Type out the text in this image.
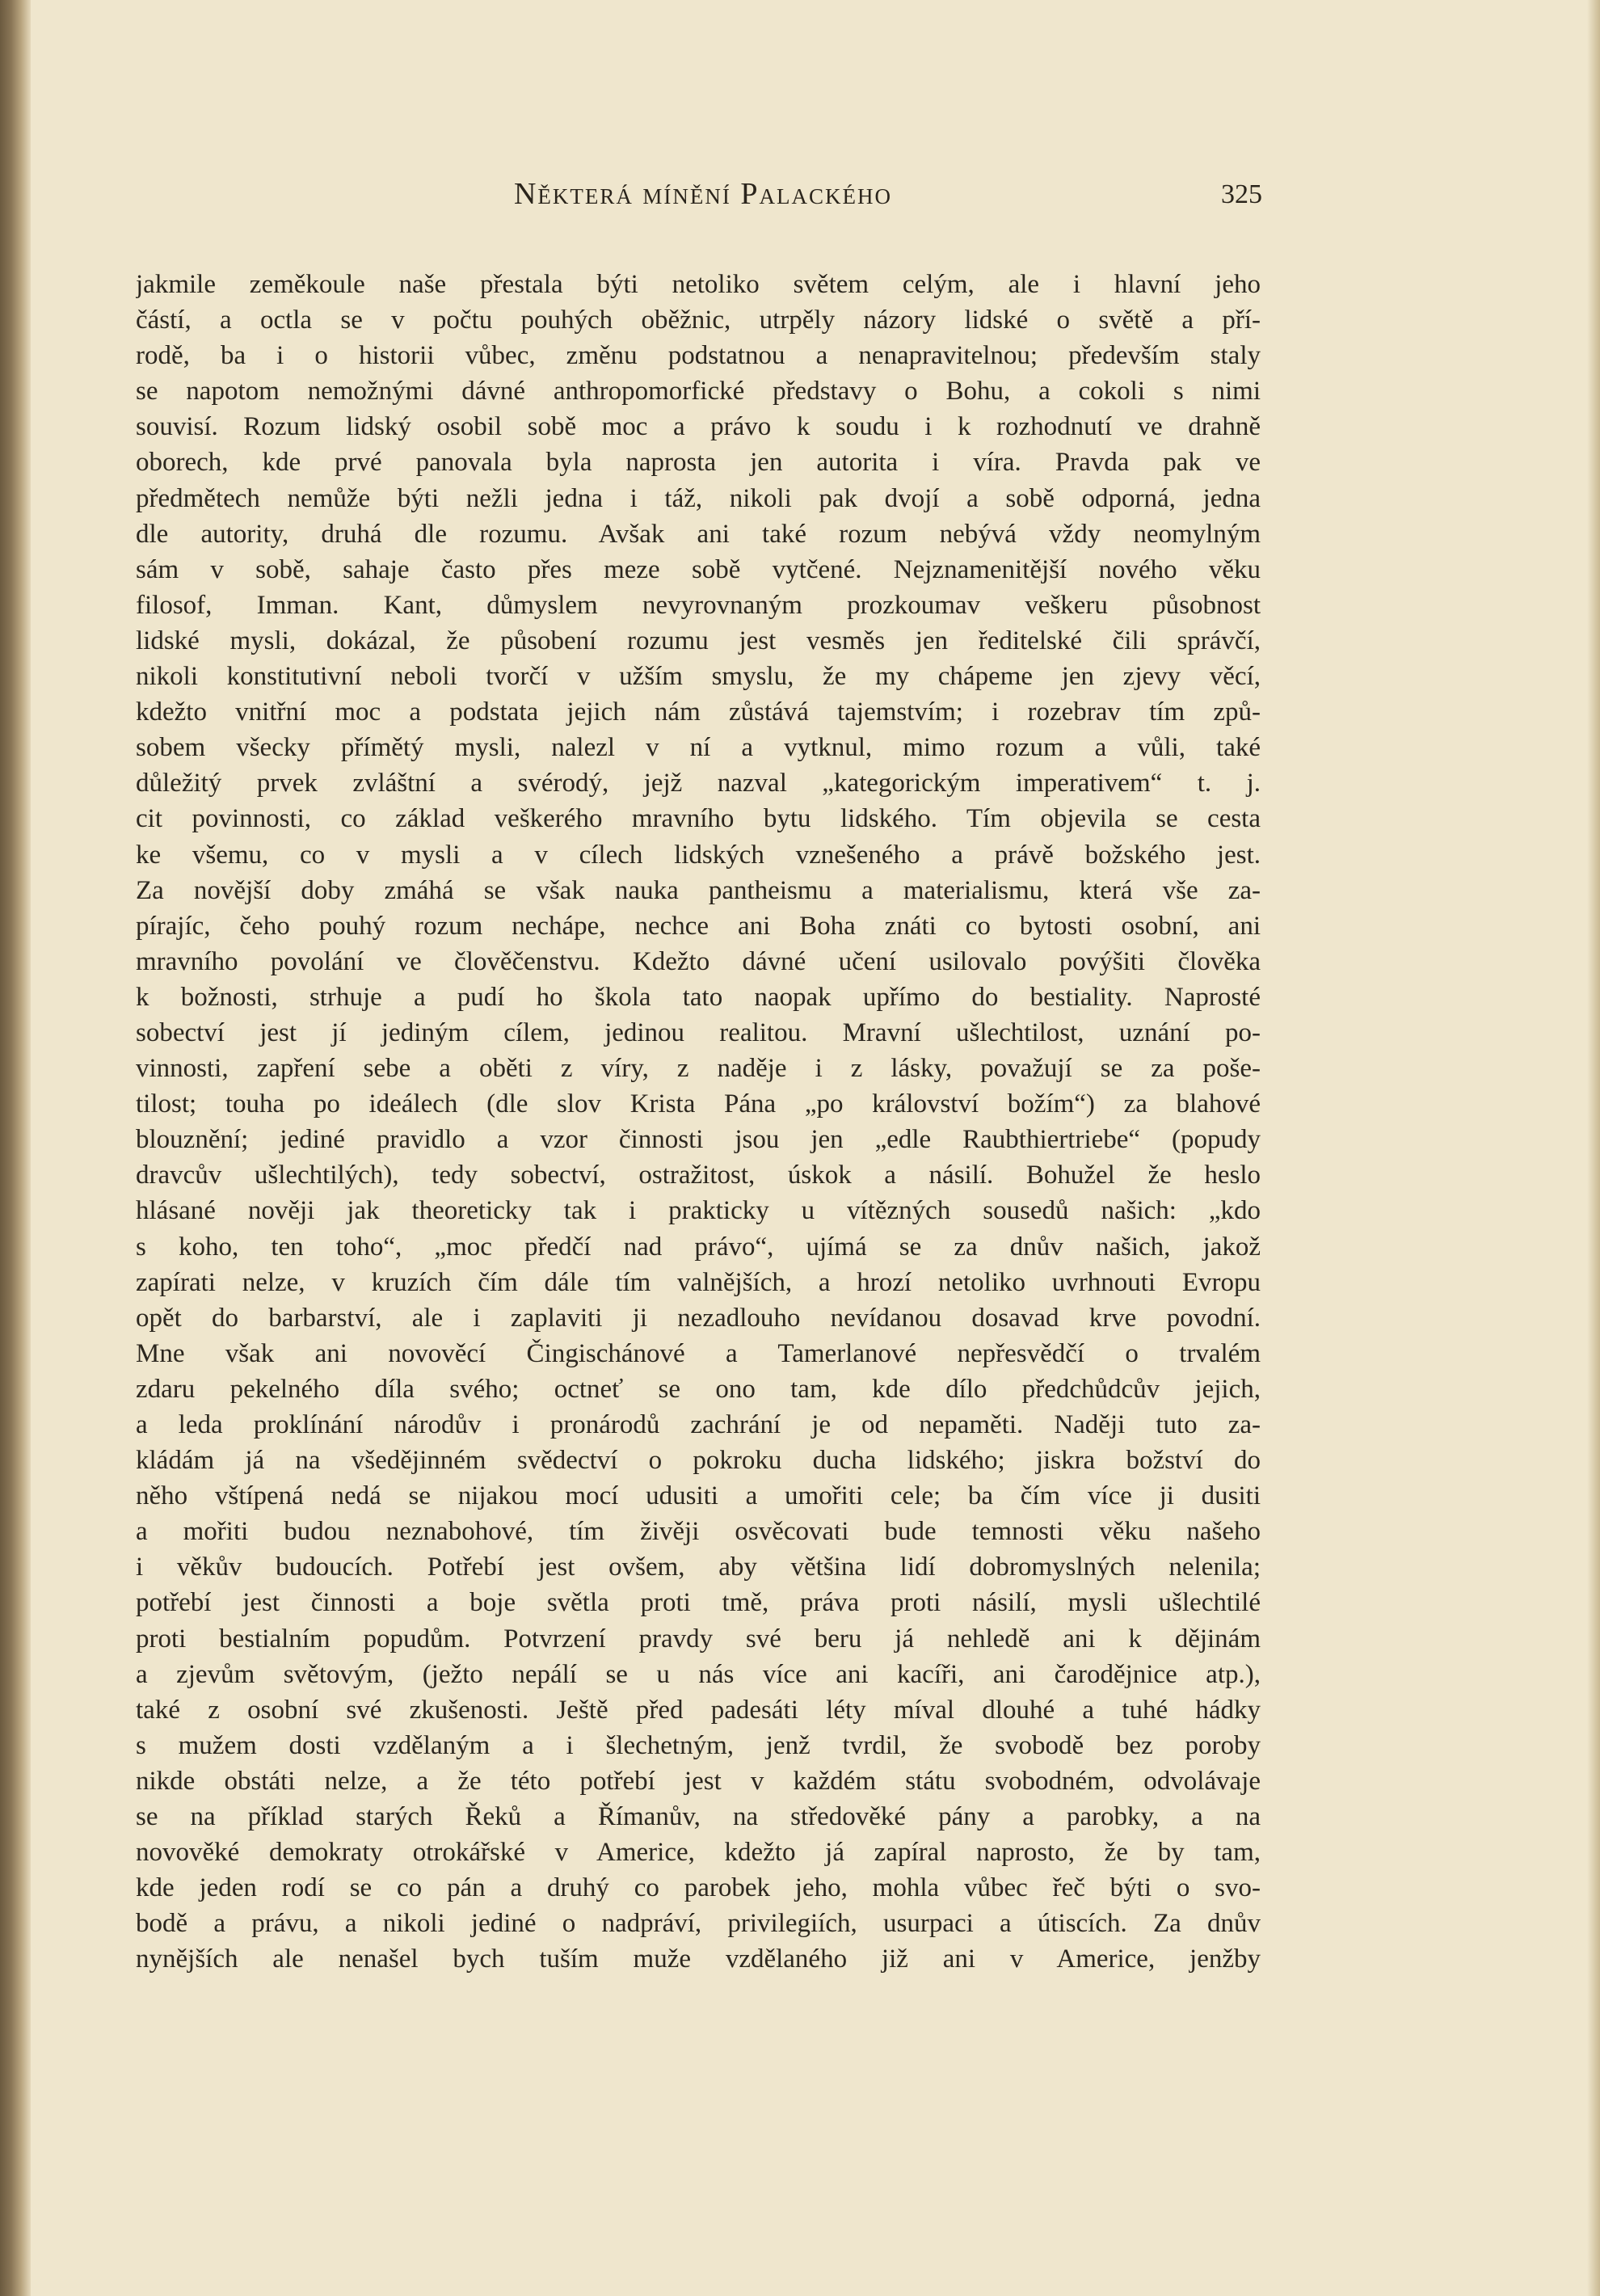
Některá mínění Palackého	325
jakmile zeměkoule naše přestala býti netoliko světem celým, ale i hlavní jeho
částí, a octla se v počtu pouhých oběžnic, utrpěly názory lidské o světě a pří-
rodě, ba i o historii vůbec, změnu podstatnou a nenapravitelnou; především staly
se napotom nemožnými dávné anthropomorfické představy o Bohu, a cokoli s nimi
souvisí. Rozum lidský osobil sobě moc a právo k soudu i k rozhodnutí ve drahně
oborech, kde prvé panovala byla naprosta jen autorita i víra. Pravda pak ve
předmětech nemůže býti nežli jedna i táž, nikoli pak dvojí a sobě odporná, jedna
dle autority, druhá dle rozumu. Avšak ani také rozum nebývá vždy neomylným
sám v sobě, sahaje často přes meze sobě vytčené. Nejznamenitější nového věku
filosof, Imman. Kant, důmyslem nevyrovnaným prozkoumav veškeru působnost
lidské mysli, dokázal, že působení rozumu jest vesměs jen ředitelské čili správčí,
nikoli konstitutivní neboli tvorčí v užším smyslu, že my chápeme jen zjevy věcí,
kdežto vnitřní moc a podstata jejich nám zůstává tajemstvím; i rozebrav tím způ-
sobem všecky přímětý mysli, nalezl v ní a vytknul, mimo rozum a vůli, také
důležitý prvek zvláštní a svérodý, jejž nazval „kategorickým imperativem“ t. j.
cit povinnosti, co základ veškerého mravního bytu lidského. Tím objevila se cesta
ke všemu, co v mysli a v cílech lidských vznešeného a právě božského jest.
Za novější doby zmáhá se však nauka pantheismu a materialismu, která vše za-
pírajíc, čeho pouhý rozum nechápe, nechce ani Boha znáti co bytosti osobní, ani
mravního povolání ve člověčenstvu. Kdežto dávné učení usilovalo povýšiti člověka
k božnosti, strhuje a pudí ho škola tato naopak upřímo do bestiality. Naprosté
sobectví jest jí jediným cílem, jedinou realitou. Mravní ušlechtilost, uznání po-
vinnosti, zapření sebe a oběti z víry, z naděje i z lásky, považují se za pošе-
tilost; touha po ideálech (dle slov Krista Pána „po království božím“) za blahové
blouznění; jediné pravidlo a vzor činnosti jsou jen „edle Raubthiertriebe“ (popudy
dravcův ušlechtilých), tedy sobectví, ostražitost, úskok a násilí. Bohužel že heslo
hlásané nověji jak theoreticky tak i prakticky u vítězných sousedů našich: „kdo
s koho, ten toho“, „moc předčí nad právo“, ujímá se za dnův našich, jakož
zapírati nelze, v kruzích čím dále tím valnějších, a hrozí netoliko uvrhnouti Evropu
opět do barbarství, ale i zaplaviti ji nezadlouho nevídanou dosavad krve povodní.
Mne však ani novověcí Čingischánové a Tamerlanové nepřesvědčí o trvalém
zdaru pekelného díla svého; octneť se ono tam, kde dílo předchůdcův jejich,
a leda proklínání národův i pronárodů zachrání je od nepaměti. Naději tuto za-
kládám já na všedějinném svědectví o pokroku ducha lidského; jiskra božství do
něho vštípená nedá se nijakou mocí udusiti a umořiti cele; ba čím více ji dusiti
a mořiti budou neznabohové, tím živěji osvěcovati bude temnosti věku našeho
i věkův budoucích. Potřebí jest ovšem, aby většina lidí dobromyslných nelenila;
potřebí jest činnosti a boje světla proti tmě, práva proti násilí, mysli ušlechtilé
proti bestialním popudům. Potvrzení pravdy své beru já nehledě ani k dějinám
a zjevům světovým, (ježto nepálí se u nás více ani kacíři, ani čarodějnice atp.),
také z osobní své zkušenosti. Ještě před padesáti léty míval dlouhé a tuhé hádky
s mužem dosti vzdělaným a i šlechetným, jenž tvrdil, že svobodě bez poroby
nikde obstáti nelze, a že této potřebí jest v každém státu svobodném, odvolávaje
se na příklad starých Řeků a Římanův, na středověké pány a parobky, a na
novověké demokraty otrokářské v Americe, kdežto já zapíral naprosto, že by tam,
kde jeden rodí se co pán a druhý co parobek jeho, mohla vůbec řeč býti o svo-
bodě a právu, a nikoli jediné o nadpráví, privilegiích, usurpaci a útiscích. Za dnův
nynějších ale nenašel bych tuším muže vzdělaného již ani v Americe, jenžby
